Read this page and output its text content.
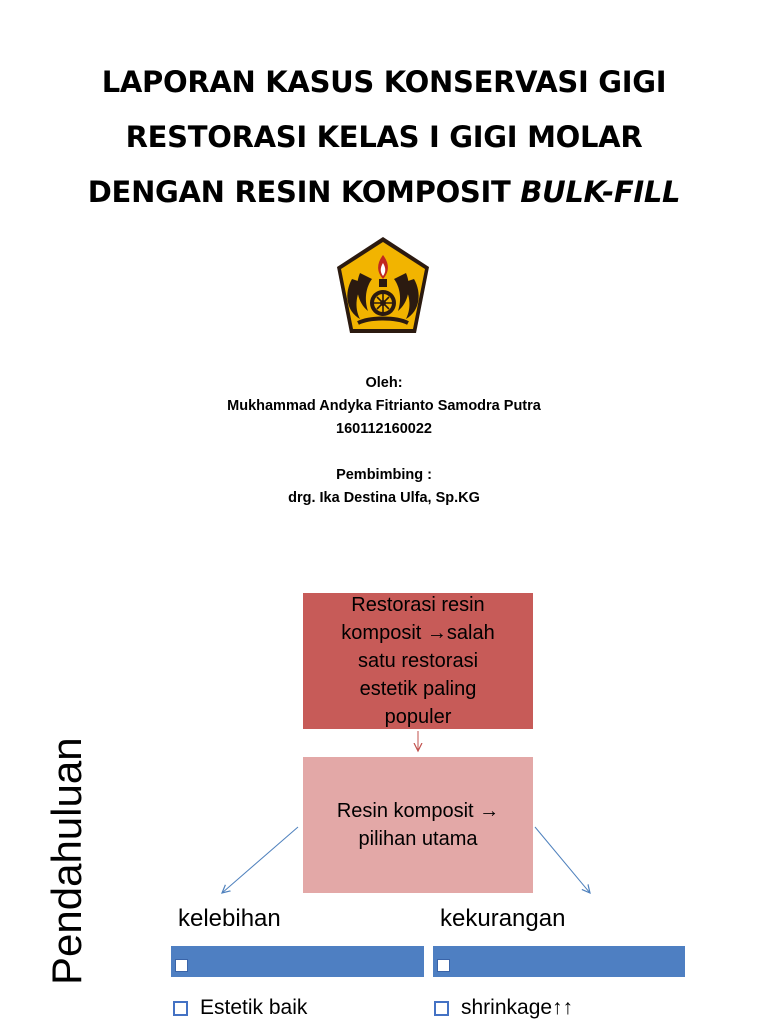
LAPORAN KASUS KONSERVASI GIGI
RESTORASI KELAS I GIGI MOLAR
DENGAN RESIN KOMPOSIT BULK-FILL
Oleh:
Mukhammad Andyka Fitrianto Samodra Putra
160112160022
Pembimbing :
drg. Ika Destina Ulfa, Sp.KG
Restorasi resin
komposit →salah
satu restorasi
estetik paling
populer
Resin komposit →
pilihan utama
Pendahuluan	kelebihan	kekurangan
Estetik baik	shrinkage↑↑
